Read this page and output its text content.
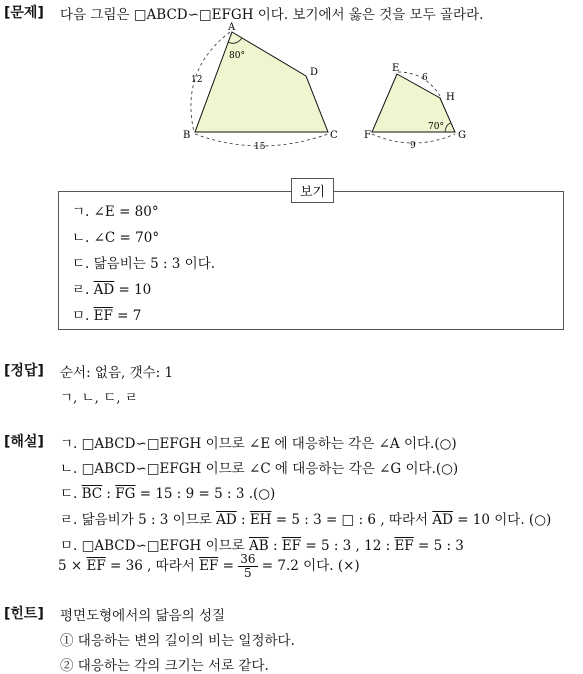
[문제] 다음 그림은 □ABCD∽□EFGH 이다. 보기에서 옳은 것을 모두 골라라.
A
B	C
D
80°
12
15
E
F	G
H
70°
6
9
보기
ㄱ. ∠E = 80°
ㄴ. ∠C = 70°
ㄷ. 닮음비는 5 : 3 이다.
ㄹ. $\overline{AD} = 10$
ㅁ. $\overline{EF} = 7$
[정답] 순서: 없음, 갯수: 1
ㄱ, ㄴ, ㄷ, ㄹ
[해설] ㄱ. □ABCD∽□EFGH 이므로 ∠E 에 대응하는 각은 ∠A 이다.(○)
ㄴ. □ABCD∽□EFGH 이므로 ∠C 에 대응하는 각은 ∠G 이다.(○)
ㄷ. $\overline{BC}$ : $\overline{FG} = 15$ : 9 = 5 : 3 .(○)
ㄹ. 닮음비가 5 : 3 이므로 $\overline{AD}$ : $\overline{EH} = 5$ : 3 = □ : 6 , 따라서 $\overline{AD} = 10$ 이다. (○)
ㅁ. □ABCD∽□EFGH 이므로 $\overline{AB}$ : $\overline{EF} = 5$ : 3 , 12 : $\overline{EF} = 5$ : 3
$5 \times \overline{EF} = 36$ , 따라서 $\overline{EF} = \frac{36}{5} = 7.2$ 이다. (×)
[힌트] 평면도형에서의 닮음의 성질
① 대응하는 변의 길이의 비는 일정하다.
② 대응하는 각의 크기는 서로 같다.
